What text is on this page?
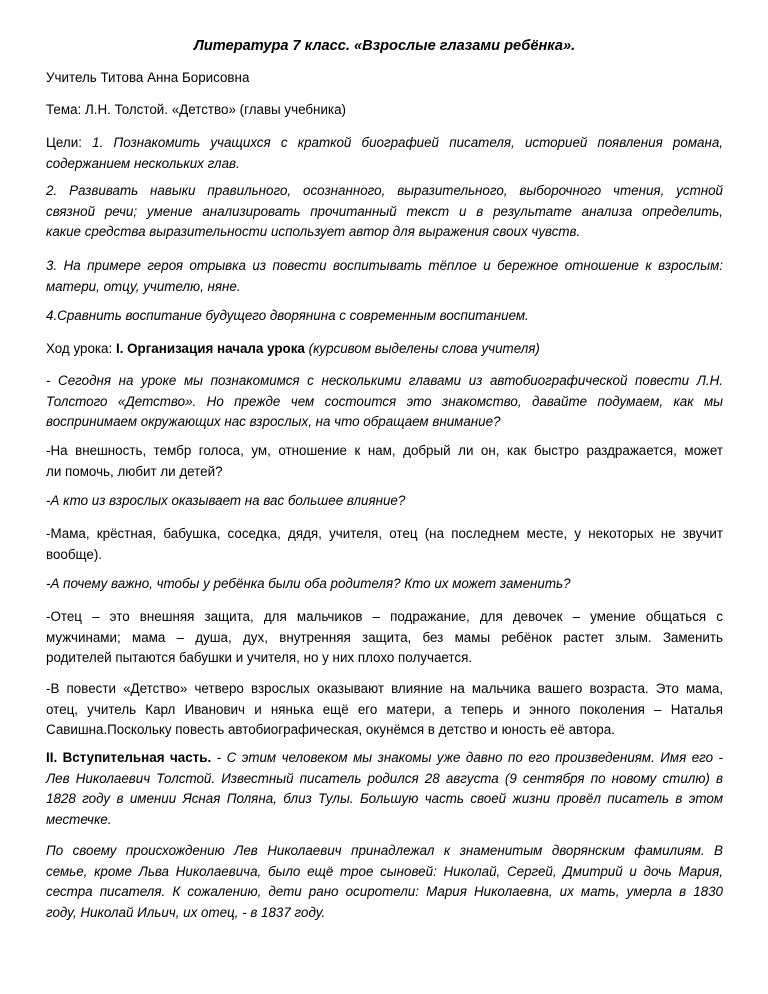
Литература 7 класс. «Взрослые глазами ребёнка».
Учитель Титова Анна Борисовна
Тема: Л.Н. Толстой. «Детство» (главы учебника)
Цели: 1. Познакомить учащихся с краткой биографией писателя, историей появления романа,
содержанием нескольких глав.
2. Развивать навыки правильного, осознанного, выразительного, выборочного чтения, устной
связной речи; умение анализировать прочитанный текст и в результате анализа определить,
какие средства выразительности использует автор для выражения своих чувств.
3. На примере героя отрывка из повести воспитывать тёплое и бережное отношение к взрослым:
матери, отцу, учителю, няне.
4.Сравнить воспитание будущего дворянина с современным воспитанием.
Ход урока: I. Организация начала урока (курсивом выделены слова учителя)
- Сегодня на уроке мы познакомимся с несколькими главами из автобиографической повести Л.Н.
Толстого «Детство». Но прежде чем состоится это знакомство, давайте подумаем, как мы
воспринимаем окружающих нас взрослых, на что обращаем внимание?
-На внешность, тембр голоса, ум, отношение к нам, добрый ли он, как быстро раздражается, может
ли помочь, любит ли детей?
-А кто из взрослых оказывает на вас большее влияние?
-Мама, крёстная, бабушка, соседка, дядя, учителя, отец (на последнем месте, у некоторых не звучит
вообще).
-А почему важно, чтобы у ребёнка были оба родителя? Кто их может заменить?
-Отец – это внешняя защита, для мальчиков – подражание, для девочек – умение общаться с
мужчинами; мама – душа, дух, внутренняя защита, без мамы ребёнок растет злым. Заменить
родителей пытаются бабушки и учителя, но у них плохо получается.
-В повести «Детство» четверо взрослых оказывают влияние на мальчика вашего возраста. Это мама,
отец, учитель Карл Иванович и нянька ещё его матери, а теперь и энного поколения – Наталья
Савишна.Поскольку повесть автобиографическая, окунёмся в детство и юность её автора.
II. Вступительная часть. - С этим человеком мы знакомы уже давно по его произведениям. Имя его -
Лев Николаевич Толстой. Известный писатель родился 28 августа (9 сентября по новому стилю) в
1828 году в имении Ясная Поляна, близ Тулы. Большую часть своей жизни провёл писатель в этом
местечке.
По своему происхождению Лев Николаевич принадлежал к знаменитым дворянским фамилиям. В
семье, кроме Льва Николаевича, было ещё трое сыновей: Николай, Сергей, Дмитрий и дочь Мария,
сестра писателя. К сожалению, дети рано осиротели: Мария Николаевна, их мать, умерла в 1830
году, Николай Ильич, их отец, - в 1837 году.
